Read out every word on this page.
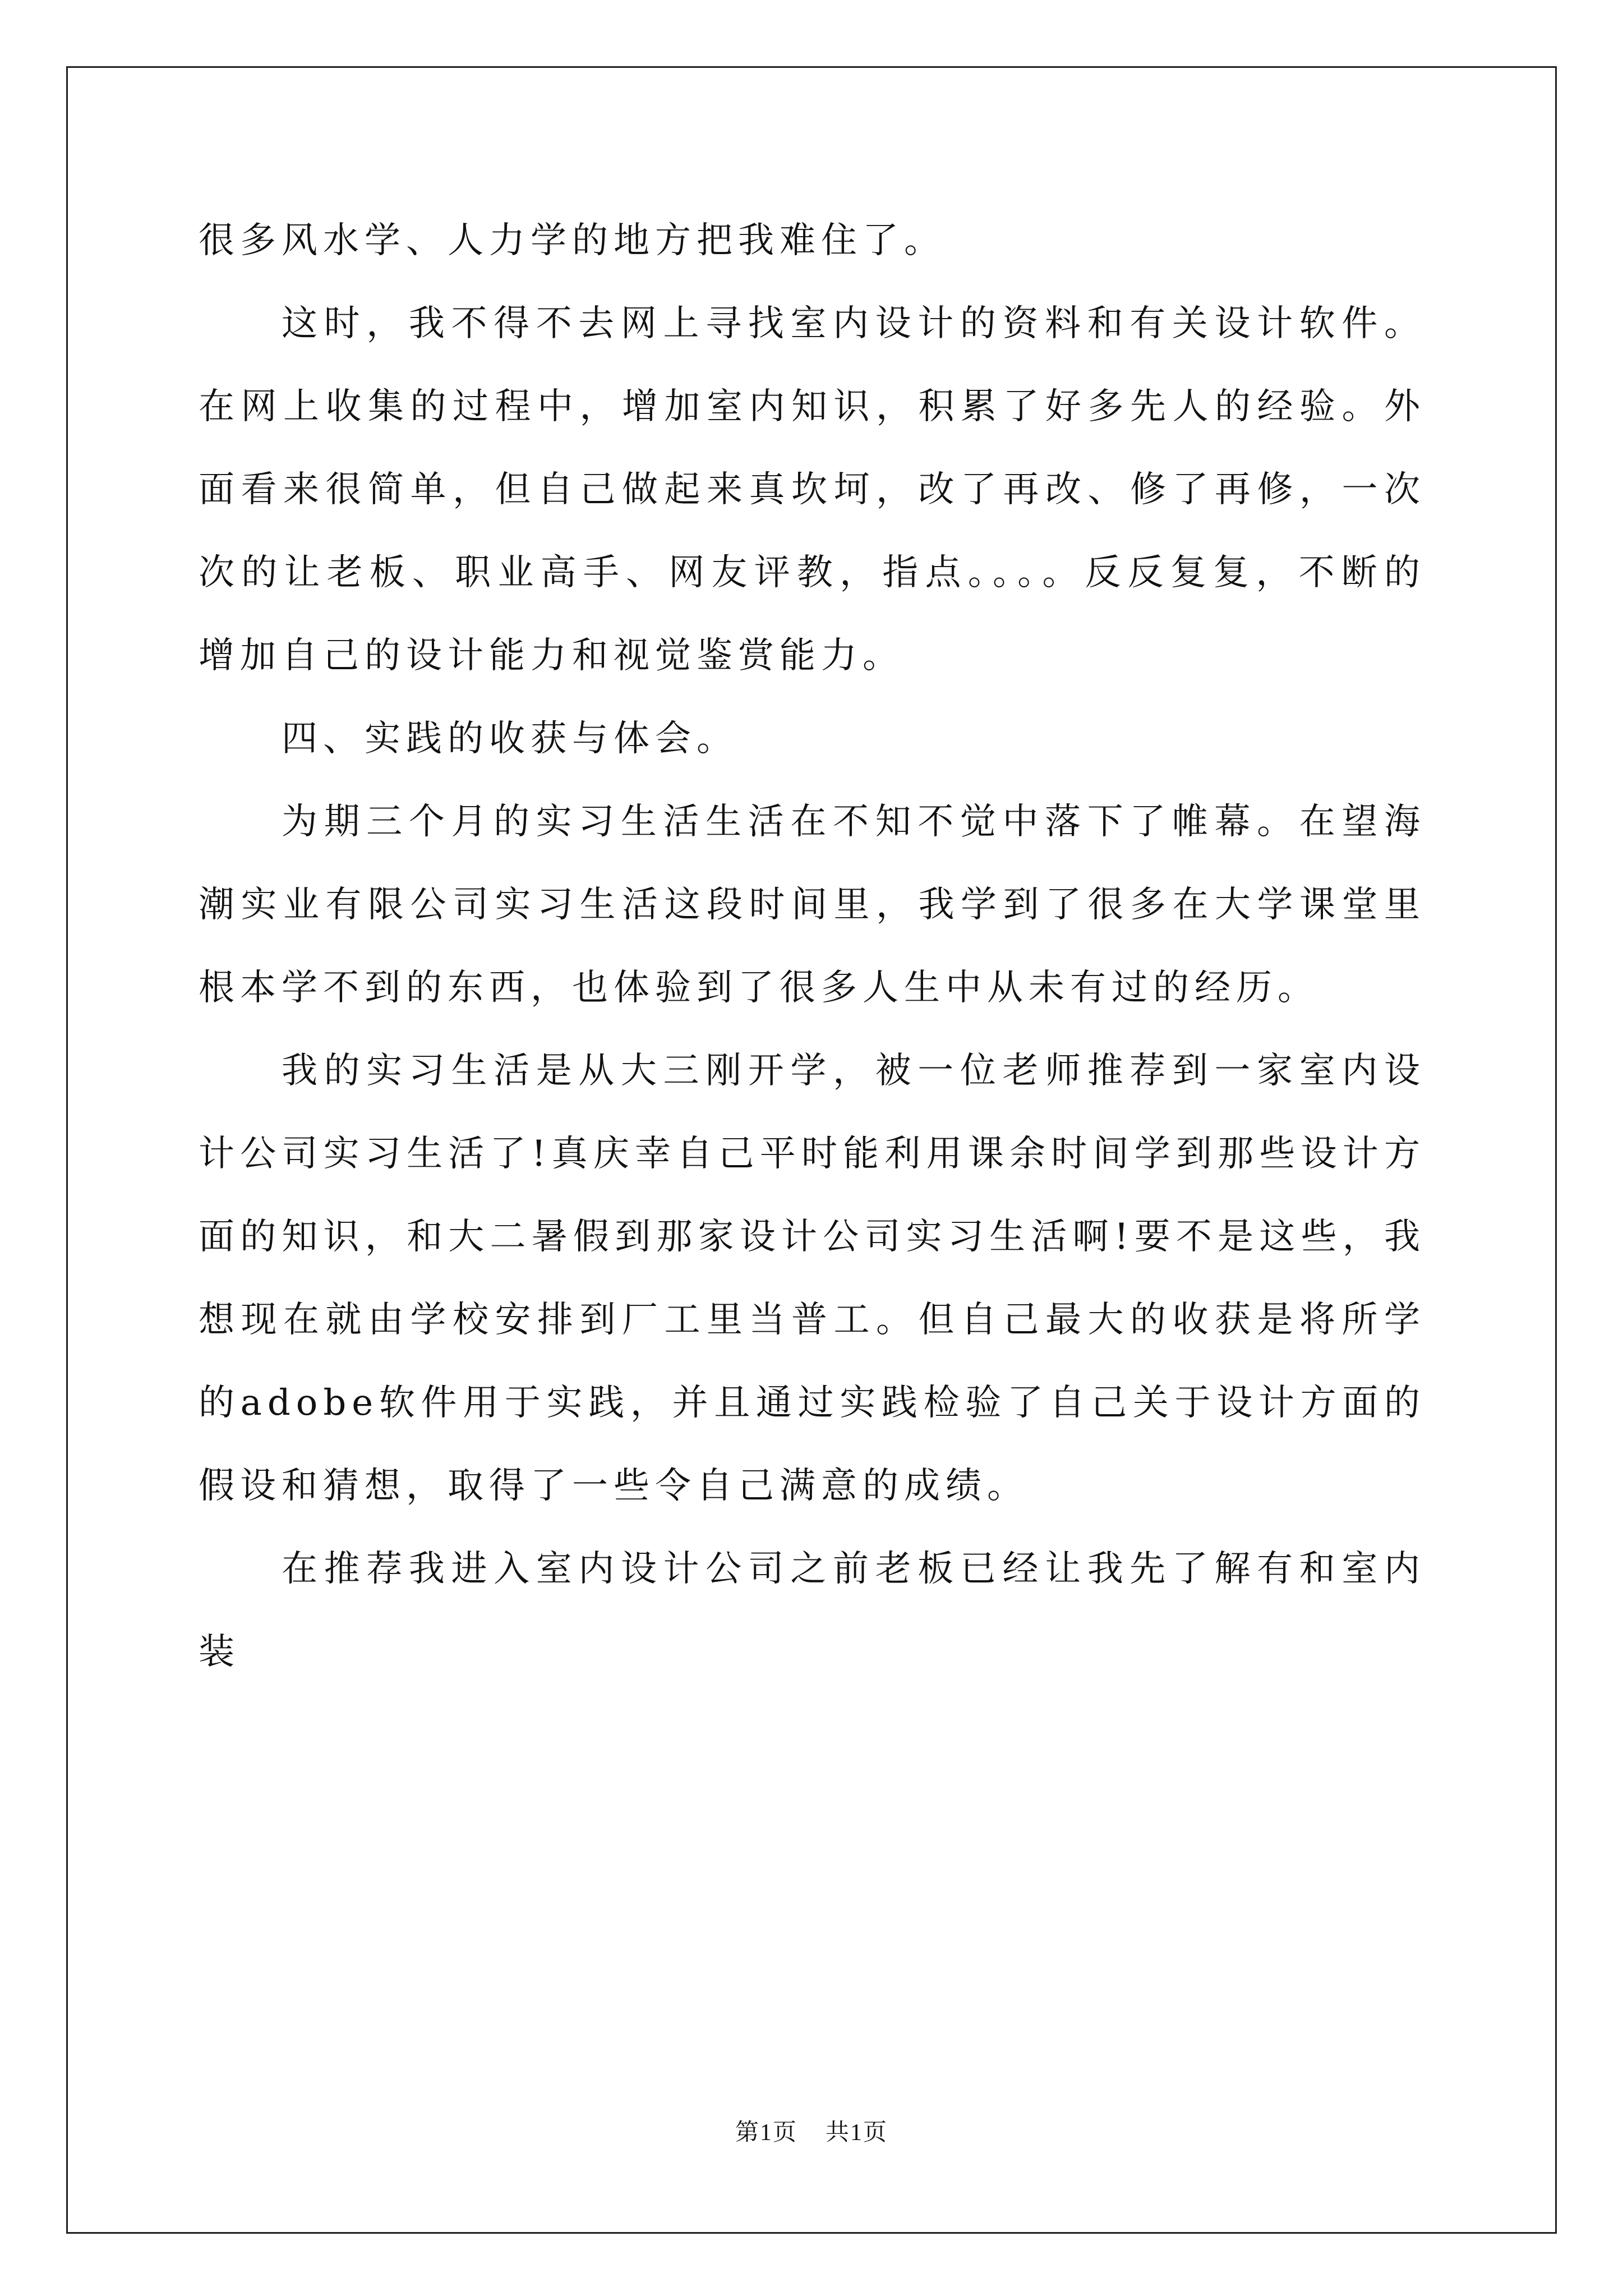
很多风水学、人力学的地方把我难住了。

这时，我不得不去网上寻找室内设计的资料和有关设计软件。在网上收集的过程中，增加室内知识，积累了好多先人的经验。外面看来很简单，但自己做起来真坎坷，改了再改、修了再修，一次次的让老板、职业高手、网友评教，指点。。。。反反复复，不断的增加自己的设计能力和视觉鉴赏能力。

四、实践的收获与体会。

为期三个月的实习生活生活在不知不觉中落下了帷幕。在望海潮实业有限公司实习生活这段时间里，我学到了很多在大学课堂里根本学不到的东西，也体验到了很多人生中从未有过的经历。

我的实习生活是从大三刚开学，被一位老师推荐到一家室内设计公司实习生活了!真庆幸自己平时能利用课余时间学到那些设计方面的知识，和大二暑假到那家设计公司实习生活啊!要不是这些，我想现在就由学校安排到厂工里当普工。但自己最大的收获是将所学的adobe软件用于实践，并且通过实践检验了自己关于设计方面的假设和猜想，取得了一些令自己满意的成绩。

在推荐我进入室内设计公司之前老板已经让我先了解有和室内装

第1页 共1页
